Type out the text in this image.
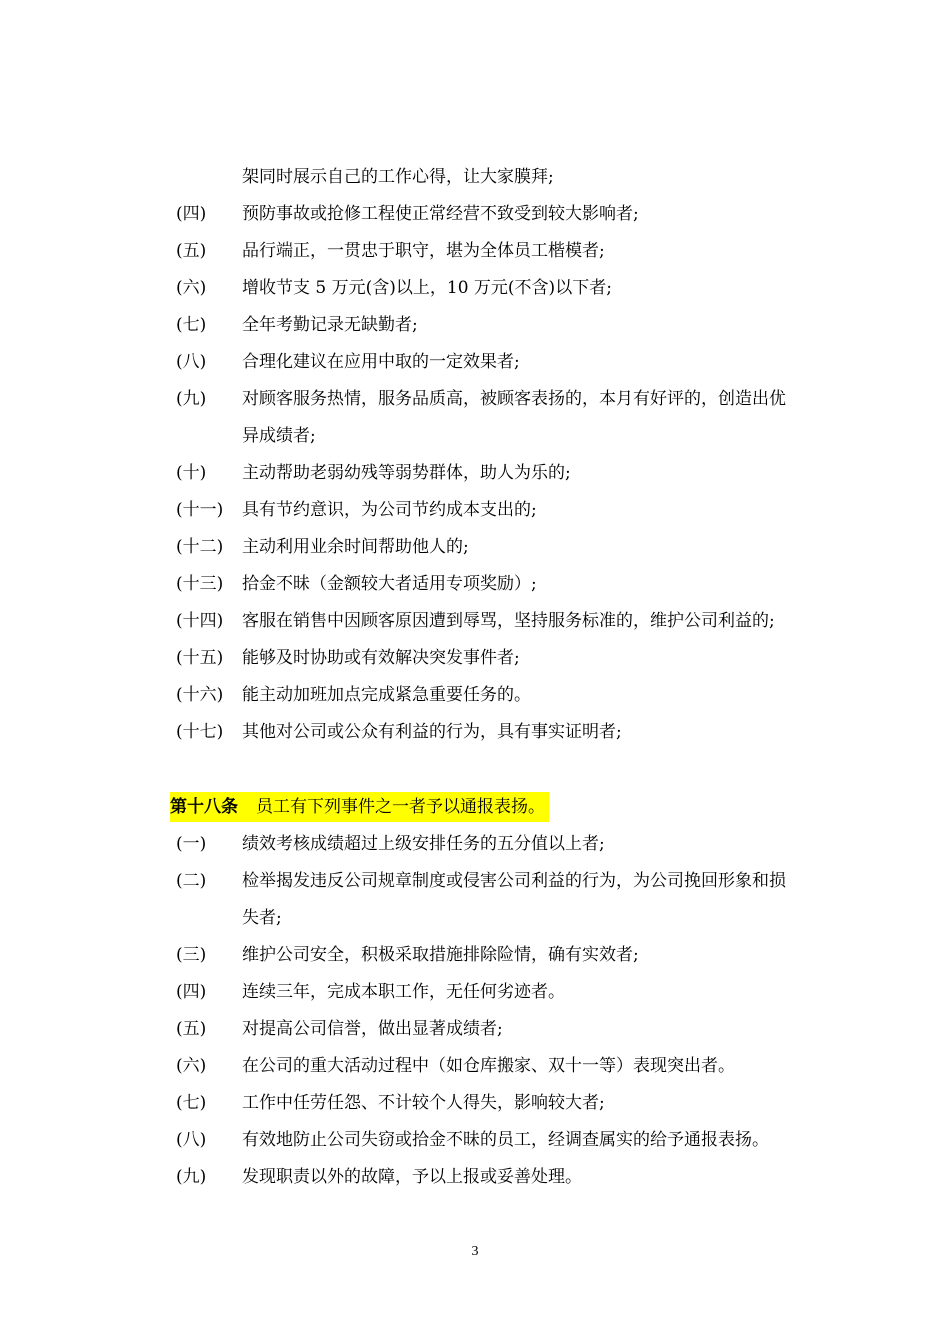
架同时展示自己的工作心得，让大家膜拜;
(四) 预防事故或抢修工程使正常经营不致受到较大影响者;
(五) 品行端正，一贯忠于职守，堪为全体员工楷模者;
(六) 增收节支 5 万元(含)以上，10 万元(不含)以下者;
(七) 全年考勤记录无缺勤者;
(八) 合理化建议在应用中取的一定效果者;
(九) 对顾客服务热情，服务品质高，被顾客表扬的，本月有好评的，创造出优
异成绩者;
(十) 主动帮助老弱幼残等弱势群体，助人为乐的;
(十一) 具有节约意识，为公司节约成本支出的;
(十二) 主动利用业余时间帮助他人的;
(十三) 拾金不昧（金额较大者适用专项奖励）;
(十四) 客服在销售中因顾客原因遭到辱骂，坚持服务标准的，维护公司利益的;
(十五) 能够及时协助或有效解决突发事件者;
(十六) 能主动加班加点完成紧急重要任务的。
(十七) 其他对公司或公众有利益的行为，具有事实证明者;
第十八条 员工有下列事件之一者予以通报表扬。
(一) 绩效考核成绩超过上级安排任务的五分值以上者;
(二) 检举揭发违反公司规章制度或侵害公司利益的行为，为公司挽回形象和损
失者;
(三) 维护公司安全，积极采取措施排除险情，确有实效者;
(四) 连续三年，完成本职工作，无任何劣迹者。
(五) 对提高公司信誉，做出显著成绩者;
(六) 在公司的重大活动过程中（如仓库搬家、双十一等）表现突出者。
(七) 工作中任劳任怨、不计较个人得失，影响较大者;
(八) 有效地防止公司失窃或拾金不昧的员工，经调查属实的给予通报表扬。
(九) 发现职责以外的故障，予以上报或妥善处理。
3
